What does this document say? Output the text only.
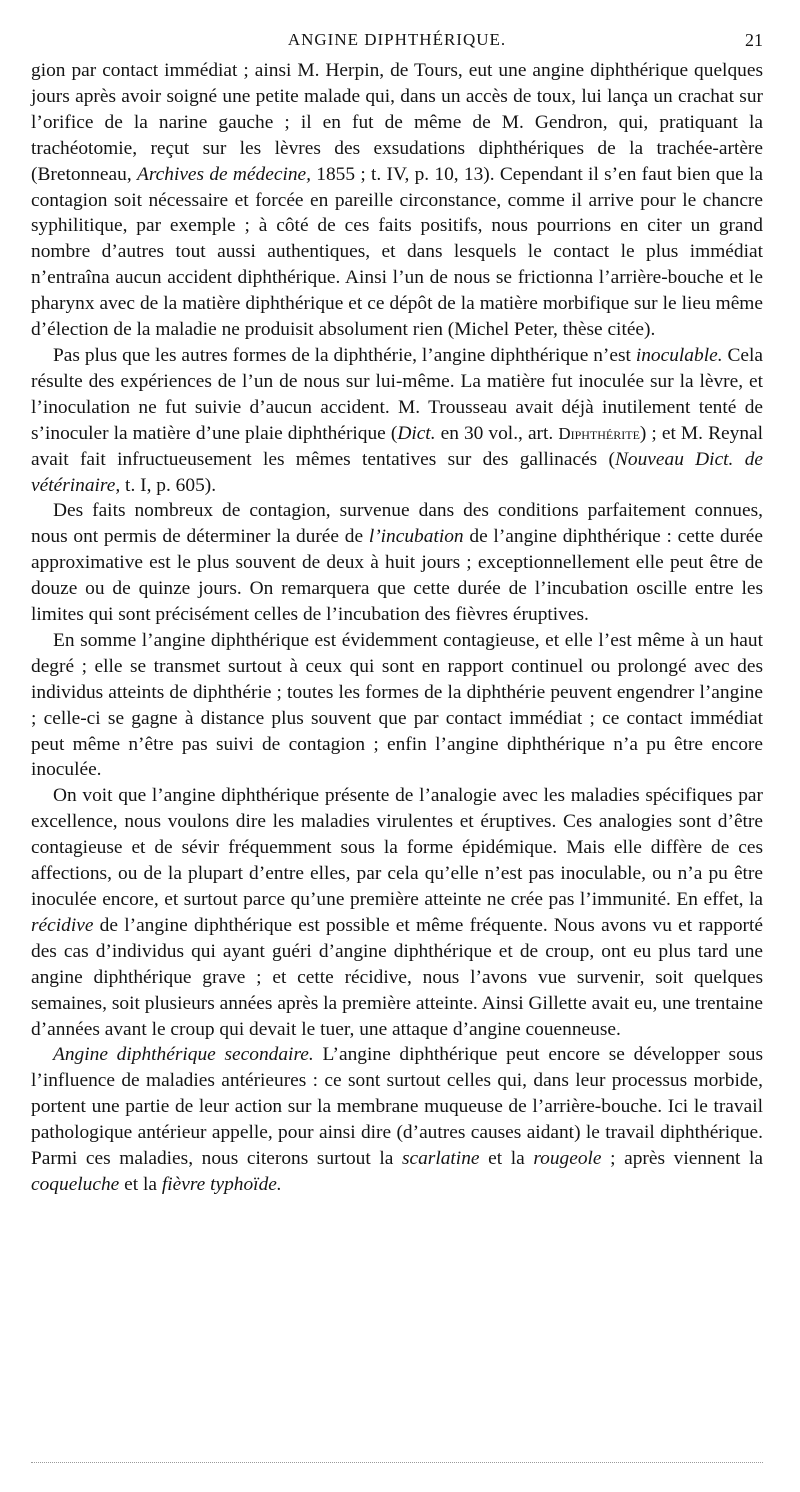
ANGINE DIPHTHÉRIQUE.	21

gion par contact immédiat ; ainsi M. Herpin, de Tours, eut une angine diphthérique quelques jours après avoir soigné une petite malade qui, dans un accès de toux, lui lança un crachat sur l’orifice de la narine gauche ; il en fut de même de M. Gendron, qui, pratiquant la trachéotomie, reçut sur les lèvres des exsudations diphthériques de la trachée-artère (Bretonneau, Archives de médecine, 1855 ; t. IV, p. 10, 13). Cependant il s’en faut bien que la contagion soit nécessaire et forcée en pareille circonstance, comme il arrive pour le chancre syphilitique, par exemple ; à côté de ces faits positifs, nous pourrions en citer un grand nombre d’autres tout aussi authentiques, et dans lesquels le contact le plus immédiat n’entraîna aucun accident diphthérique. Ainsi l’un de nous se frictionna l’arrière-bouche et le pharynx avec de la matière diphthérique et ce dépôt de la matière morbifique sur le lieu même d’élection de la maladie ne produisit absolument rien (Michel Peter, thèse citée).

Pas plus que les autres formes de la diphthérie, l’angine diphthérique n’est inoculable. Cela résulte des expériences de l’un de nous sur lui-même. La matière fut inoculée sur la lèvre, et l’inoculation ne fut suivie d’aucun accident. M. Trousseau avait déjà inutilement tenté de s’inoculer la matière d’une plaie diphthérique (Dict. en 30 vol., art. Diphthérite) ; et M. Reynal avait fait infructueusement les mêmes tentatives sur des gallinacés (Nouveau Dict. de vétérinaire, t. I, p. 605).

Des faits nombreux de contagion, survenue dans des conditions parfaitement connues, nous ont permis de déterminer la durée de l’incubation de l’angine diphthérique : cette durée approximative est le plus souvent de deux à huit jours ; exceptionnellement elle peut être de douze ou de quinze jours. On remarquera que cette durée de l’incubation oscille entre les limites qui sont précisément celles de l’incubation des fièvres éruptives.

En somme l’angine diphthérique est évidemment contagieuse, et elle l’est même à un haut degré ; elle se transmet surtout à ceux qui sont en rapport continuel ou prolongé avec des individus atteints de diphthérie ; toutes les formes de la diphthérie peuvent engendrer l’angine ; celle-ci se gagne à distance plus souvent que par contact immédiat ; ce contact immédiat peut même n’être pas suivi de contagion ; enfin l’angine diphthérique n’a pu être encore inoculée.

On voit que l’angine diphthérique présente de l’analogie avec les maladies spécifiques par excellence, nous voulons dire les maladies virulentes et éruptives. Ces analogies sont d’être contagieuse et de sévir fréquemment sous la forme épidémique. Mais elle diffère de ces affections, ou de la plupart d’entre elles, par cela qu’elle n’est pas inoculable, ou n’a pu être inoculée encore, et surtout parce qu’une première atteinte ne crée pas l’immunité. En effet, la récidive de l’angine diphthérique est possible et même fréquente. Nous avons vu et rapporté des cas d’individus qui ayant guéri d’angine diphthérique et de croup, ont eu plus tard une angine diphthérique grave ; et cette récidive, nous l’avons vue survenir, soit quelques semaines, soit plusieurs années après la première atteinte. Ainsi Gillette avait eu, une trentaine d’années avant le croup qui devait le tuer, une attaque d’angine couenneuse.

Angine diphthérique secondaire. L’angine diphthérique peut encore se développer sous l’influence de maladies antérieures : ce sont surtout celles qui, dans leur processus morbide, portent une partie de leur action sur la membrane muqueuse de l’arrière-bouche. Ici le travail pathologique antérieur appelle, pour ainsi dire (d’autres causes aidant) le travail diphthérique. Parmi ces maladies, nous citerons surtout la scarlatine et la rougeole ; après viennent la coqueluche et la fièvre typhoïde.
